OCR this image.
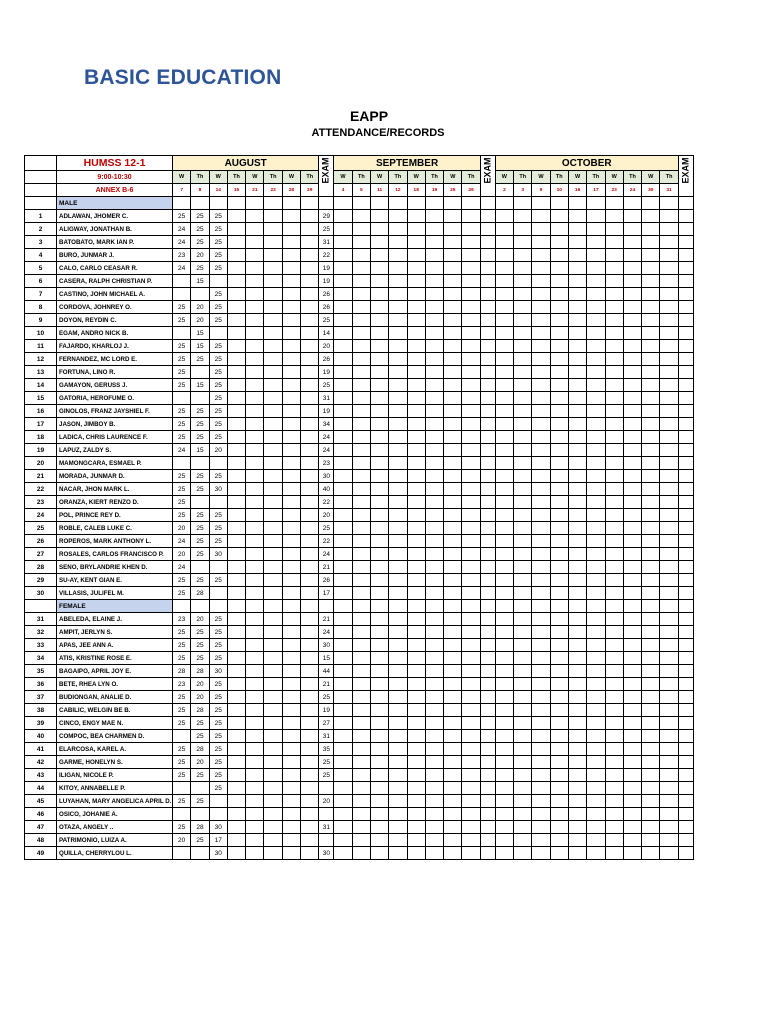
BASIC EDUCATION
EAPP
ATTENDANCE/RECORDS
	HUMSS 12-1	AUGUST								EXAM	SEPTEMBER								EXAM	OCTOBER										EXAM

	9:00-10:30	W	Th	W	Th	W	Th	W	Th		W	Th	W	Th	W	Th	W	Th		W	Th	W	Th	W	Th	W	Th	W	Th	
	ANNEX B-6	7	8	14	15	21	22	28	29		4	5	11	12	18	19	25	26		2	3	9	10	16	17	23	24	30	31	
	MALE																													
1	ADLAWAN, JHOMER C.	25	25	25						29																				
2	ALIGWAY, JONATHAN B.	24	25	25						25																				
3	BATOBATO, MARK IAN P.	24	25	25						31																				
4	BURO, JUNMAR J.	23	20	25						22																				
5	CALO, CARLO CEASAR R.	24	25	25						19																				
6	CASERA, RALPH CHRISTIAN P.		15							19																				
7	CASTINO, JOHN MICHAEL A.			25						26																				
8	CORDOVA, JOHNREY O.	25	20	25						26																				
9	DOYON, REYDIN C.	25	20	25						25																				
10	EGAM, ANDRO NICK B.		15							14																				
11	FAJARDO, KHARLOJ J.	25	15	25						20																				
12	FERNANDEZ, MC LORD E.	25	25	25						26																				
13	FORTUNA, LINO R.	25		25						19																				
14	GAMAYON, GERUSS J.	25	15	25						25																				
15	GATORIA, HEROFUME O.			25						31																				
16	GINOLOS, FRANZ JAYSHIEL F.	25	25	25						19																				
17	JASON, JIMBOY B.	25	25	25						34																				
18	LADICA, CHRIS LAURENCE F.	25	25	25						24																				
19	LAPUZ, ZALDY S.	24	15	20						24																				
20	MAMONGCARA, ESMAEL P.									23																				
21	MORADA, JUNMAR D.	25	25	25						30																				
22	NACAR, JHON MARK L.	25	25	30						40																				
23	ORANZA, KIERT RENZO D.	25								22																				
24	POL, PRINCE REY D.	25	25	25						20																				
25	ROBLE, CALEB LUKE C.	20	25	25						25																				
26	ROPEROS, MARK ANTHONY L.	24	25	25						22																				
27	ROSALES, CARLOS FRANCISCO P.	20	25	30						24																				
28	SENO, BRYLANDRIE KHEN D.	24								21																				
29	SU-AY, KENT GIAN E.	25	25	25						26																				
30	VILLASIS, JULIFEL M.	25	28							17																				
	FEMALE																													
31	ABELEDA, ELAINE J.	23	20	25						21																				
32	AMPIT, JERLYN S.	25	25	25						24																				
33	APAS, JEE ANN A.	25	25	25						30																				
34	ATIS, KRISTINE ROSE E.	25	25	25						15																				
35	BAGAIPO, APRIL JOY E.	28	28	30						44																				
36	BETE, RHEA LYN O.	23	20	25						21																				
37	BUDIONGAN, ANALIE D.	25	20	25						25																				
38	CABILIC, WELGIN BE B.	25	28	25						19																				
39	CINCO, ENGY MAE N.	25	25	25						27																				
40	COMPOC, BEA CHARMEN D.		25	25						31																				
41	ELARCOSA, KAREL A.	25	28	25						35																				
42	GARME, HONELYN S.	25	20	25						25																				
43	ILIGAN, NICOLE P.	25	25	25						25																				
44	KITOY, ANNABELLE P.			25																										
45	LUYAHAN, MARY ANGELICA APRIL D.	25	25							20																				
46	OSICO, JOHANIE A.																													
47	OTAZA, ANGELY ..	25	28	30						31																				
48	PATRIMONIO, LUIZA A.	20	25	17																										
49	QUILLA, CHERRYLOU L.			30						30																				
